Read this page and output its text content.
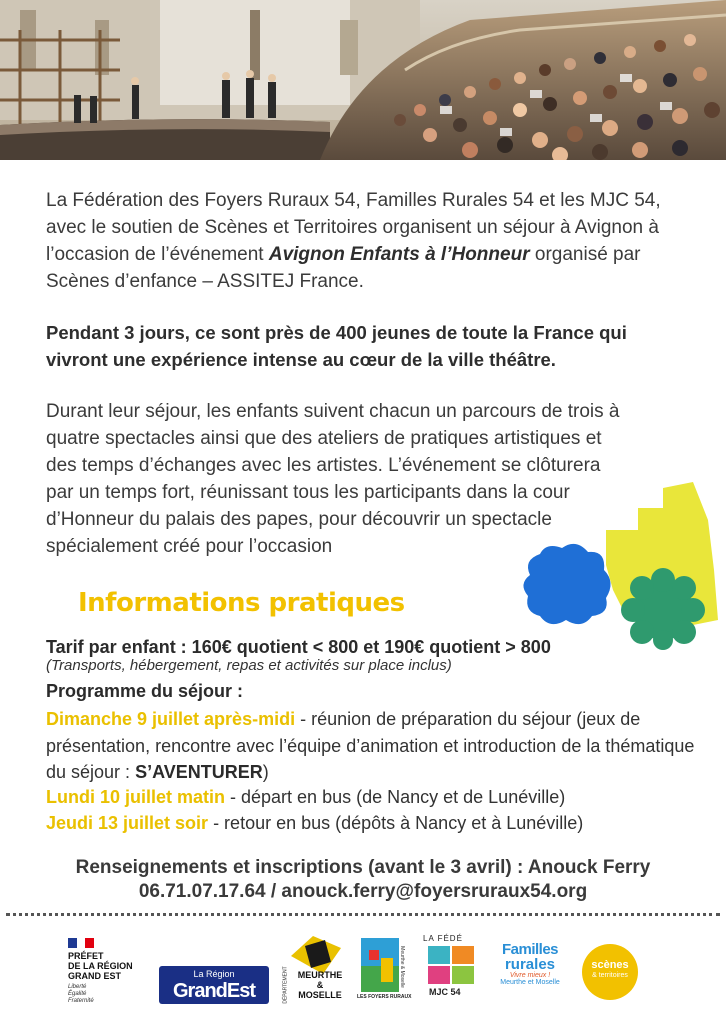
La Fédération des Foyers Ruraux 54, Familles Rurales 54 et les MJC 54, avec le soutien de Scènes et Territoires organisent un séjour à Avignon à l’occasion de l’événement Avignon Enfants à l’Honneur organisé par Scènes d’enfance – ASSITEJ France.
Pendant 3 jours, ce sont près de 400 jeunes de toute la France qui vivront une expérience intense au cœur de la ville théâtre.
Durant leur séjour, les enfants suivent chacun un parcours de trois à quatre spectacles ainsi que des ateliers de pratiques artistiques et des temps d’échanges avec les artistes. L’événement se clôturera par un temps fort, réunissant tous les participants dans la cour d’Honneur du palais des papes, pour découvrir un spectacle spécialement créé pour l’occasion
Informations pratiques
Tarif par enfant : 160€ quotient < 800 et 190€ quotient > 800
(Transports, hébergement, repas et activités sur place inclus)
Programme du séjour :
Dimanche 9 juillet après-midi - réunion de préparation du séjour (jeux de présentation, rencontre avec l’équipe d’animation et introduction de la thématique du séjour : S’AVENTURER)
Lundi 10 juillet matin - départ en bus (de Nancy et de Lunéville)
Jeudi 13 juillet soir - retour en bus (dépôts à Nancy et à Lunéville)
Renseignements et inscriptions (avant le 3 avril) : Anouck Ferry
06.71.07.17.64 / anouck.ferry@foyersruraux54.org
PRÉFET
DE LA RÉGION
GRAND EST
Liberté
Égalité
Fraternité
La Région
GrandEst
MEURTHE
&
MOSELLE
DÉPARTEMENT	LES FOYERS RURAUX
Meurthe & Moselle
LA FÉDÉ
MJC 54
Familles
rurales
Vivre mieux !
Meurthe et Moselle
scènes
& territoires
